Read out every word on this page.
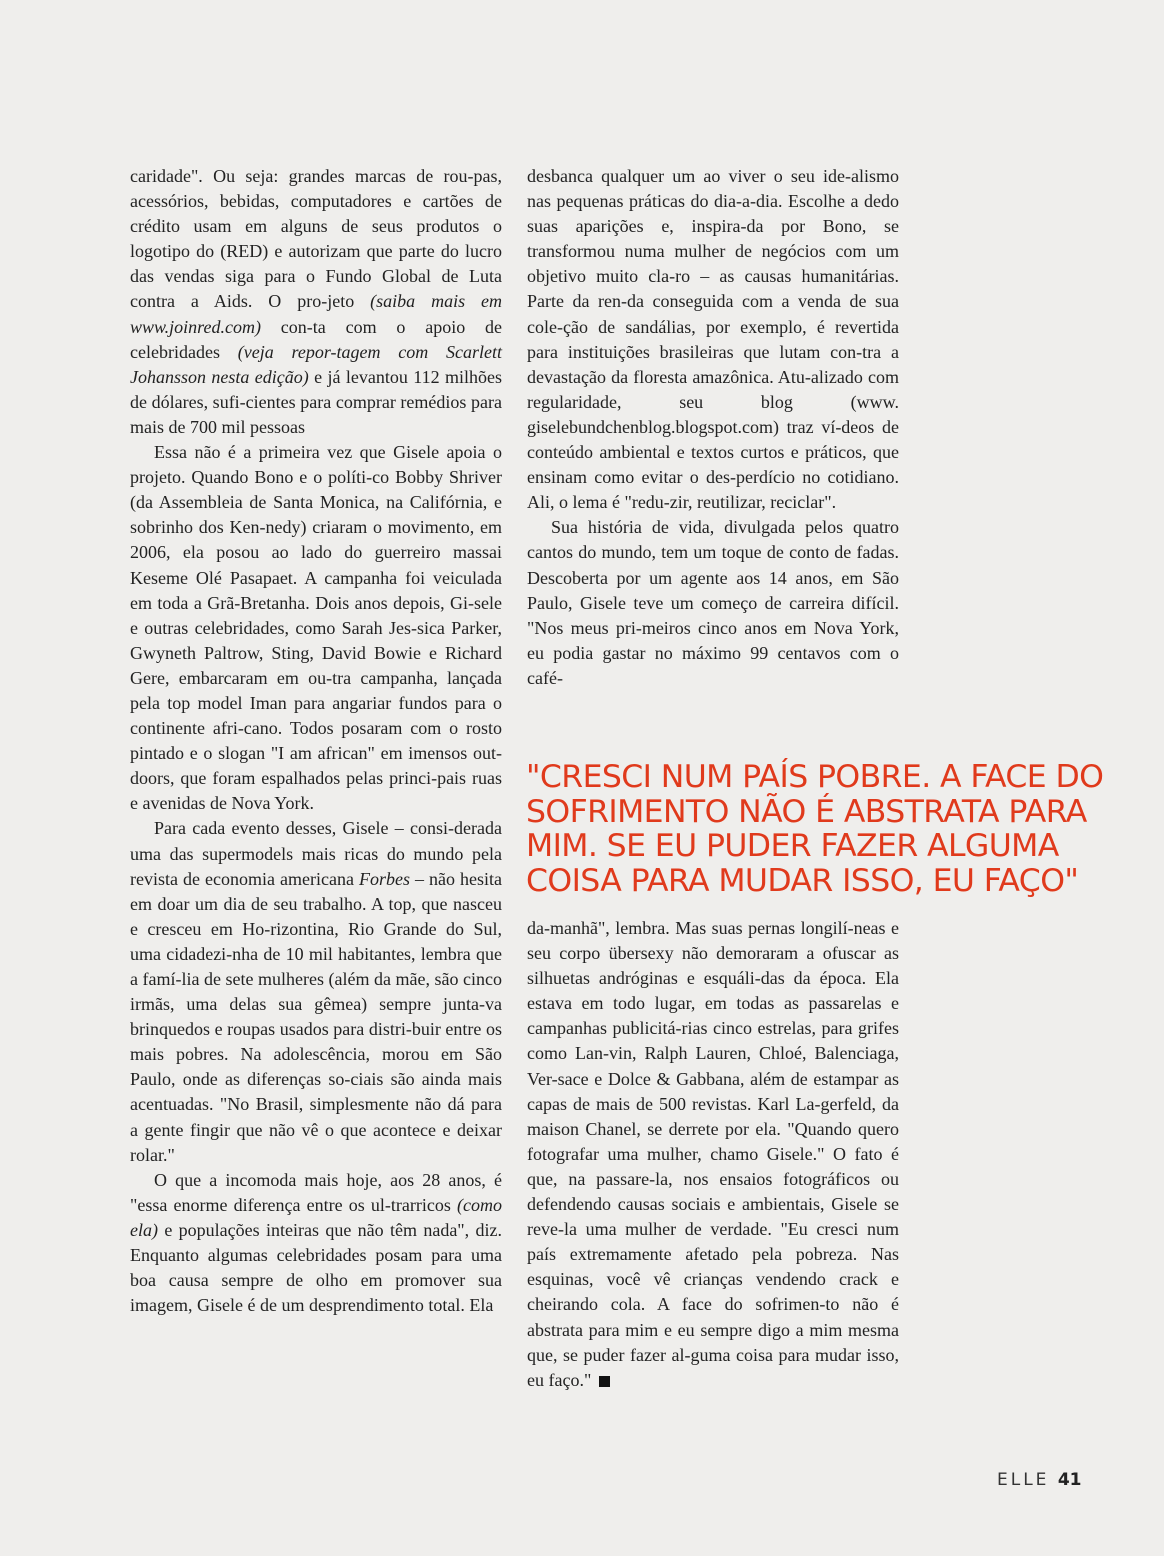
caridade". Ou seja: grandes marcas de rou-pas, acessórios, bebidas, computadores e cartões de crédito usam em alguns de seus produtos o logotipo do (RED) e autorizam que parte do lucro das vendas siga para o Fundo Global de Luta contra a Aids. O pro-jeto (saiba mais em www.joinred.com) con-ta com o apoio de celebridades (veja repor-tagem com Scarlett Johansson nesta edição) e já levantou 112 milhões de dólares, sufi-cientes para comprar remédios para mais de 700 mil pessoas

Essa não é a primeira vez que Gisele apoia o projeto. Quando Bono e o políti-co Bobby Shriver (da Assembleia de Santa Monica, na Califórnia, e sobrinho dos Ken-nedy) criaram o movimento, em 2006, ela posou ao lado do guerreiro massai Keseme Olé Pasapaet. A campanha foi veiculada em toda a Grã-Bretanha. Dois anos depois, Gi-sele e outras celebridades, como Sarah Jes-sica Parker, Gwyneth Paltrow, Sting, David Bowie e Richard Gere, embarcaram em ou-tra campanha, lançada pela top model Iman para angariar fundos para o continente afri-cano. Todos posaram com o rosto pintado e o slogan "I am african" em imensos out-doors, que foram espalhados pelas princi-pais ruas e avenidas de Nova York.

Para cada evento desses, Gisele – consi-derada uma das supermodels mais ricas do mundo pela revista de economia americana Forbes – não hesita em doar um dia de seu trabalho. A top, que nasceu e cresceu em Ho-rizontina, Rio Grande do Sul, uma cidadezi-nha de 10 mil habitantes, lembra que a famí-lia de sete mulheres (além da mãe, são cinco irmãs, uma delas sua gêmea) sempre junta-va brinquedos e roupas usados para distri-buir entre os mais pobres. Na adolescência, morou em São Paulo, onde as diferenças so-ciais são ainda mais acentuadas. "No Brasil, simplesmente não dá para a gente fingir que não vê o que acontece e deixar rolar."

O que a incomoda mais hoje, aos 28 anos, é "essa enorme diferença entre os ul-trarricos (como ela) e populações inteiras que não têm nada", diz. Enquanto algumas celebridades posam para uma boa causa sempre de olho em promover sua imagem, Gisele é de um desprendimento total. Ela

desbanca qualquer um ao viver o seu ide-alismo nas pequenas práticas do dia-a-dia. Escolhe a dedo suas aparições e, inspira-da por Bono, se transformou numa mulher de negócios com um objetivo muito cla-ro – as causas humanitárias. Parte da ren-da conseguida com a venda de sua cole-ção de sandálias, por exemplo, é revertida para instituições brasileiras que lutam con-tra a devastação da floresta amazônica. Atu-alizado com regularidade, seu blog (www. giselebundchenblog.blogspot.com) traz ví-deos de conteúdo ambiental e textos curtos e práticos, que ensinam como evitar o des-perdício no cotidiano. Ali, o lema é "redu-zir, reutilizar, reciclar".

Sua história de vida, divulgada pelos quatro cantos do mundo, tem um toque de conto de fadas. Descoberta por um agente aos 14 anos, em São Paulo, Gisele teve um começo de carreira difícil. "Nos meus pri-meiros cinco anos em Nova York, eu podia gastar no máximo 99 centavos com o café-

"CRESCI NUM PAÍS POBRE. A FACE DO
SOFRIMENTO NÃO É ABSTRATA PARA
MIM. SE EU PUDER FAZER ALGUMA
COISA PARA MUDAR ISSO, EU FAÇO"

da-manhã", lembra. Mas suas pernas longilí-neas e seu corpo übersexy não demoraram a ofuscar as silhuetas andróginas e esquáli-das da época. Ela estava em todo lugar, em todas as passarelas e campanhas publicitá-rias cinco estrelas, para grifes como Lan-vin, Ralph Lauren, Chloé, Balenciaga, Ver-sace e Dolce & Gabbana, além de estampar as capas de mais de 500 revistas. Karl La-gerfeld, da maison Chanel, se derrete por ela. "Quando quero fotografar uma mulher, chamo Gisele." O fato é que, na passare-la, nos ensaios fotográficos ou defendendo causas sociais e ambientais, Gisele se reve-la uma mulher de verdade. "Eu cresci num país extremamente afetado pela pobreza. Nas esquinas, você vê crianças vendendo crack e cheirando cola. A face do sofrimen-to não é abstrata para mim e eu sempre digo a mim mesma que, se puder fazer al-guma coisa para mudar isso, eu faço."

ELLE 41
